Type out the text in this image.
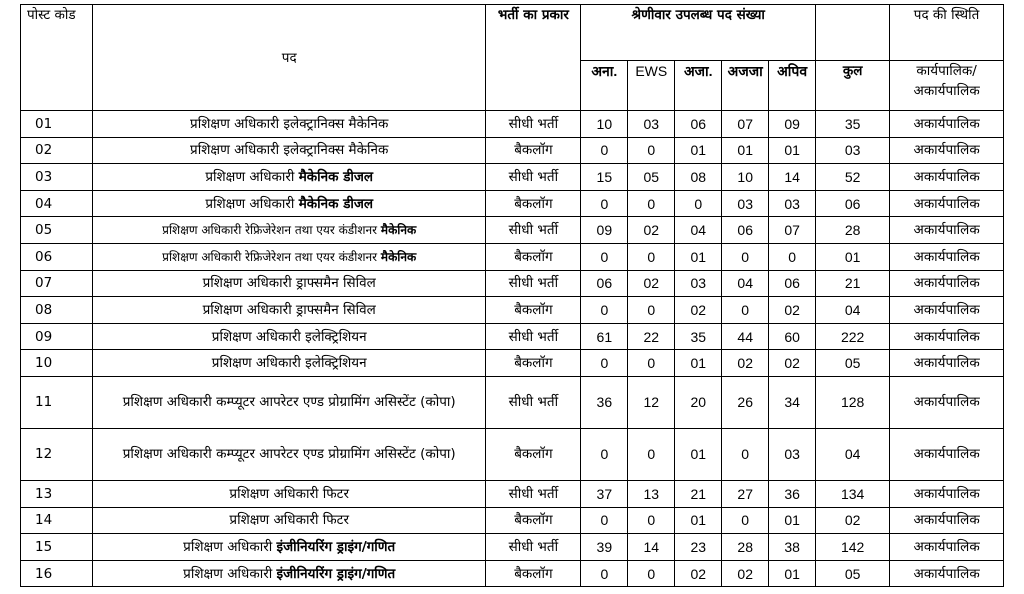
पोस्ट कोड	पद	भर्ती का प्रकार	श्रेणीवार उपलब्ध पद संख्या						पद की स्थिति
			अना.	EWS	अजा.	अजजा	अपिव	कुल	कार्यपालिक/ अकार्यपालिक
01	प्रशिक्षण अधिकारी इलेक्ट्रानिक्स मैकेनिक	सीधी भर्ती	10	03	06	07	09	35	अकार्यपालिक
02	प्रशिक्षण अधिकारी इलेक्ट्रानिक्स मैकेनिक	बैकलॉग	0	0	01	01	01	03	अकार्यपालिक
03	प्रशिक्षण अधिकारी मैकेनिक डीजल	सीधी भर्ती	15	05	08	10	14	52	अकार्यपालिक
04	प्रशिक्षण अधिकारी मैकेनिक डीजल	बैकलॉग	0	0	0	03	03	06	अकार्यपालिक
05	प्रशिक्षण अधिकारी रेफ्रिजेरेशन तथा एयर कंडीशनर मैकेनिक	सीधी भर्ती	09	02	04	06	07	28	अकार्यपालिक
06	प्रशिक्षण अधिकारी रेफ्रिजेरेशन तथा एयर कंडीशनर मैकेनिक	बैकलॉग	0	0	01	0	0	01	अकार्यपालिक
07	प्रशिक्षण अधिकारी ड्राफ्समैन सिविल	सीधी भर्ती	06	02	03	04	06	21	अकार्यपालिक
08	प्रशिक्षण अधिकारी ड्राफ्समैन सिविल	बैकलॉग	0	0	02	0	02	04	अकार्यपालिक
09	प्रशिक्षण अधिकारी इलेक्ट्रिशियन	सीधी भर्ती	61	22	35	44	60	222	अकार्यपालिक
10	प्रशिक्षण अधिकारी इलेक्ट्रिशियन	बैकलॉग	0	0	01	02	02	05	अकार्यपालिक
11	प्रशिक्षण अधिकारी कम्प्यूटर आपरेटर एण्ड प्रोग्रामिंग असिस्टेंट (कोपा)	सीधी भर्ती	36	12	20	26	34	128	अकार्यपालिक
12	प्रशिक्षण अधिकारी कम्प्यूटर आपरेटर एण्ड प्रोग्रामिंग असिस्टेंट (कोपा)	बैकलॉग	0	0	01	0	03	04	अकार्यपालिक
13	प्रशिक्षण अधिकारी फिटर	सीधी भर्ती	37	13	21	27	36	134	अकार्यपालिक
14	प्रशिक्षण अधिकारी फिटर	बैकलॉग	0	0	01	0	01	02	अकार्यपालिक
15	प्रशिक्षण अधिकारी इंजीनियरिंग ड्राइंग/गणित	सीधी भर्ती	39	14	23	28	38	142	अकार्यपालिक
16	प्रशिक्षण अधिकारी इंजीनियरिंग ड्राइंग/गणित	बैकलॉग	0	0	02	02	01	05	अकार्यपालिक
